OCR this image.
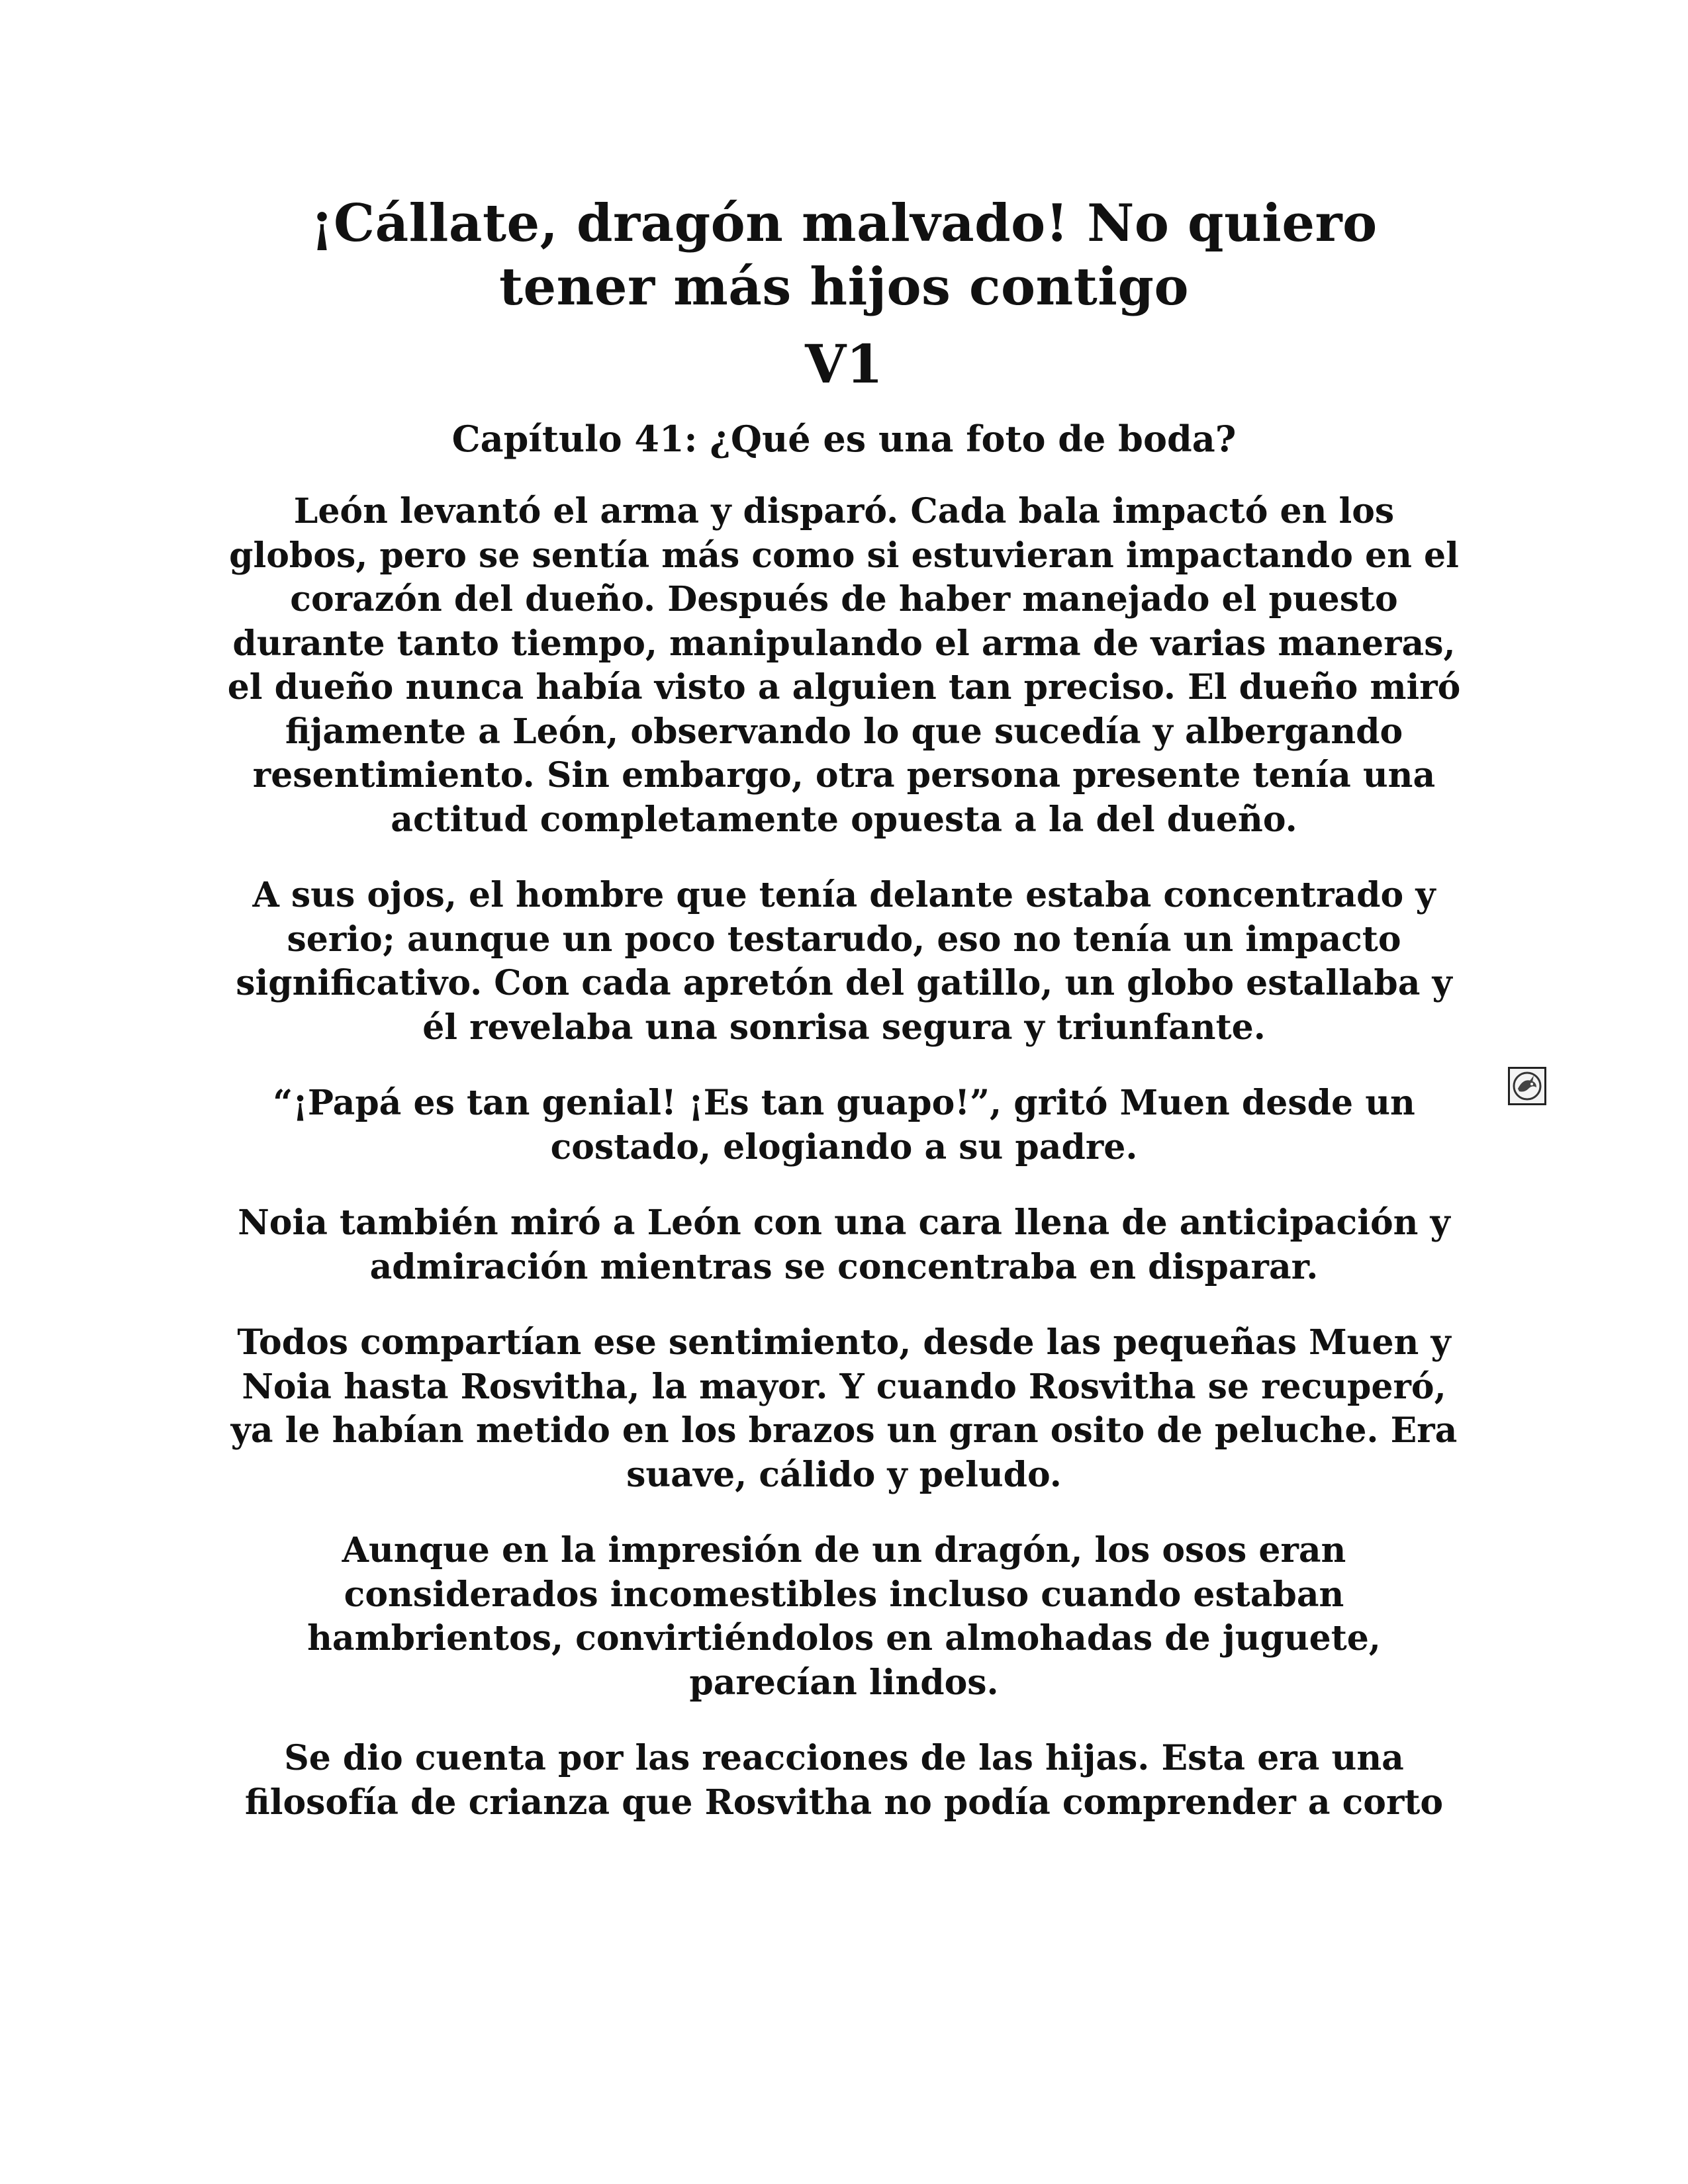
¡Cállate, dragón malvado! No quiero tener más hijos contigo
V1
Capítulo 41: ¿Qué es una foto de boda?

León levantó el arma y disparó. Cada bala impactó en los globos, pero se sentía más como si estuvieran impactando en el corazón del dueño. Después de haber manejado el puesto durante tanto tiempo, manipulando el arma de varias maneras, el dueño nunca había visto a alguien tan preciso. El dueño miró fijamente a León, observando lo que sucedía y albergando resentimiento. Sin embargo, otra persona presente tenía una actitud completamente opuesta a la del dueño.

A sus ojos, el hombre que tenía delante estaba concentrado y serio; aunque un poco testarudo, eso no tenía un impacto significativo. Con cada apretón del gatillo, un globo estallaba y él revelaba una sonrisa segura y triunfante.

“¡Papá es tan genial! ¡Es tan guapo!”, gritó Muen desde un costado, elogiando a su padre.

Noia también miró a León con una cara llena de anticipación y admiración mientras se concentraba en disparar.

Todos compartían ese sentimiento, desde las pequeñas Muen y Noia hasta Rosvitha, la mayor. Y cuando Rosvitha se recuperó, ya le habían metido en los brazos un gran osito de peluche. Era suave, cálido y peludo.

Aunque en la impresión de un dragón, los osos eran considerados incomestibles incluso cuando estaban hambrientos, convirtiéndolos en almohadas de juguete, parecían lindos.

Se dio cuenta por las reacciones de las hijas. Esta era una filosofía de crianza que Rosvitha no podía comprender a corto
